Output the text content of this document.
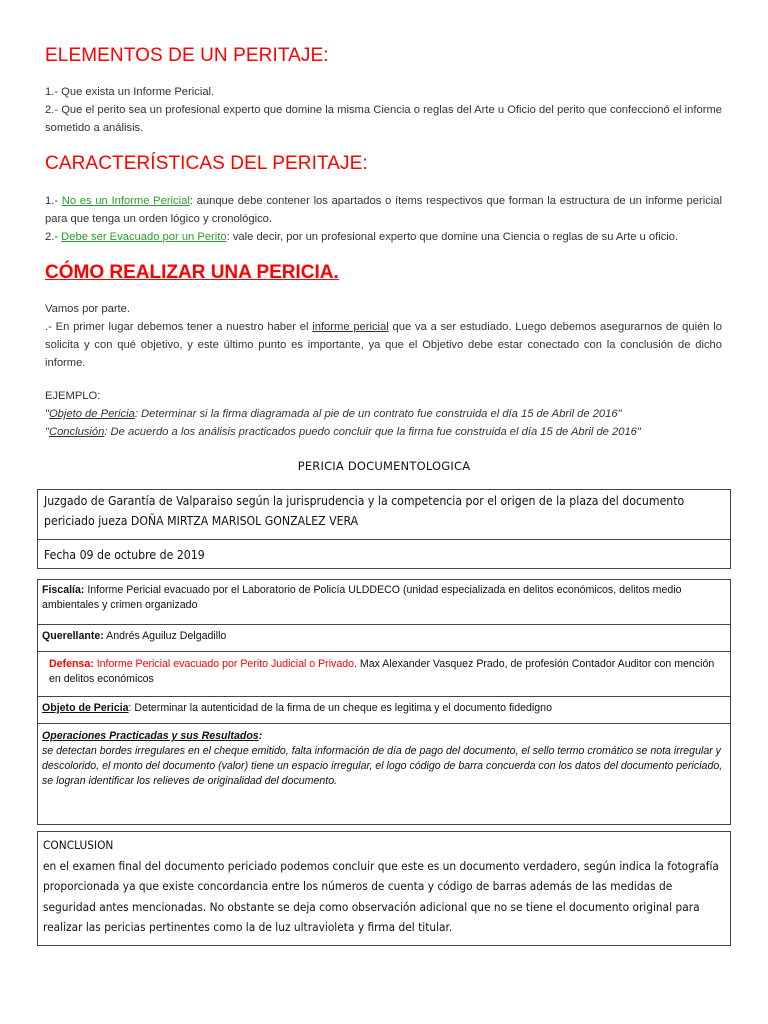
ELEMENTOS DE UN PERITAJE:

1.- Que exista un Informe Pericial.

2.- Que el perito sea un profesional experto que domine la misma Ciencia o reglas del Arte u Oficio del perito que confeccionó el informe sometido a análisis.

CARACTERÍSTICAS DEL PERITAJE:

1.- No es un Informe Pericial: aunque debe contener los apartados o ítems respectivos que forman la estructura de un informe pericial para que tenga un orden lógico y cronológico.

2.- Debe ser Evacuado por un Perito: vale decir, por un profesional experto que domine una Ciencia o reglas de su Arte u oficio.

CÓMO REALIZAR UNA PERICIA.

Vamos por parte.

.- En primer lugar debemos tener a nuestro haber el informe pericial que va a ser estudiado. Luego debemos asegurarnos de quién lo solicita y con qué objetivo, y este último punto es importante, ya que el Objetivo debe estar conectado con la conclusión de dicho informe.

EJEMPLO:

"Objeto de Pericia: Determinar si la firma diagramada al pie de un contrato fue construida el día 15 de Abril de 2016"

"Conclusión: De acuerdo a los análisis practicados puedo concluir que la firma fue construida el día 15 de Abril de 2016"

PERICIA DOCUMENTOLOGICA
Juzgado de Garantía de Valparaiso según la jurisprudencia y la competencia por el origen de la plaza del documento periciado jueza DOÑA MIRTZA MARISOL GONZALEZ VERA
Fecha 09 de octubre de 2019
Fiscalía: Informe Pericial evacuado por el Laboratorio de Policía ULDDECO (unidad especializada en delitos económicos, delitos medio ambientales y crimen organizado
Querellante: Andrés Aguiluz Delgadillo
Defensa: Informe Pericial evacuado por Perito Judicial o Privado. Max Alexander Vasquez Prado, de profesión Contador Auditor con mención en delitos económicos
Objeto de Pericia: Determinar la autenticidad de la firma de un cheque es legitima y el documento fidedigno
Operaciones Practicadas y sus Resultados:
se detectan bordes irregulares en el cheque emitido, falta información de día de pago del documento, el sello termo cromático se nota irregular y descolorido, el monto del documento (valor) tiene un espacio irregular, el logo código de barra concuerda con los datos del documento periciado, se logran identificar los relieves de originalidad del documento.
CONCLUSION
en el examen final del documento periciado podemos concluir que este es un documento verdadero, según indica la fotografía proporcionada ya que existe concordancia entre los números de cuenta y código de barras además de las medidas de seguridad antes mencionadas. No obstante se deja como observación adicional que no se tiene el documento original para realizar las pericias pertinentes como la de luz ultravioleta y firma del titular.
